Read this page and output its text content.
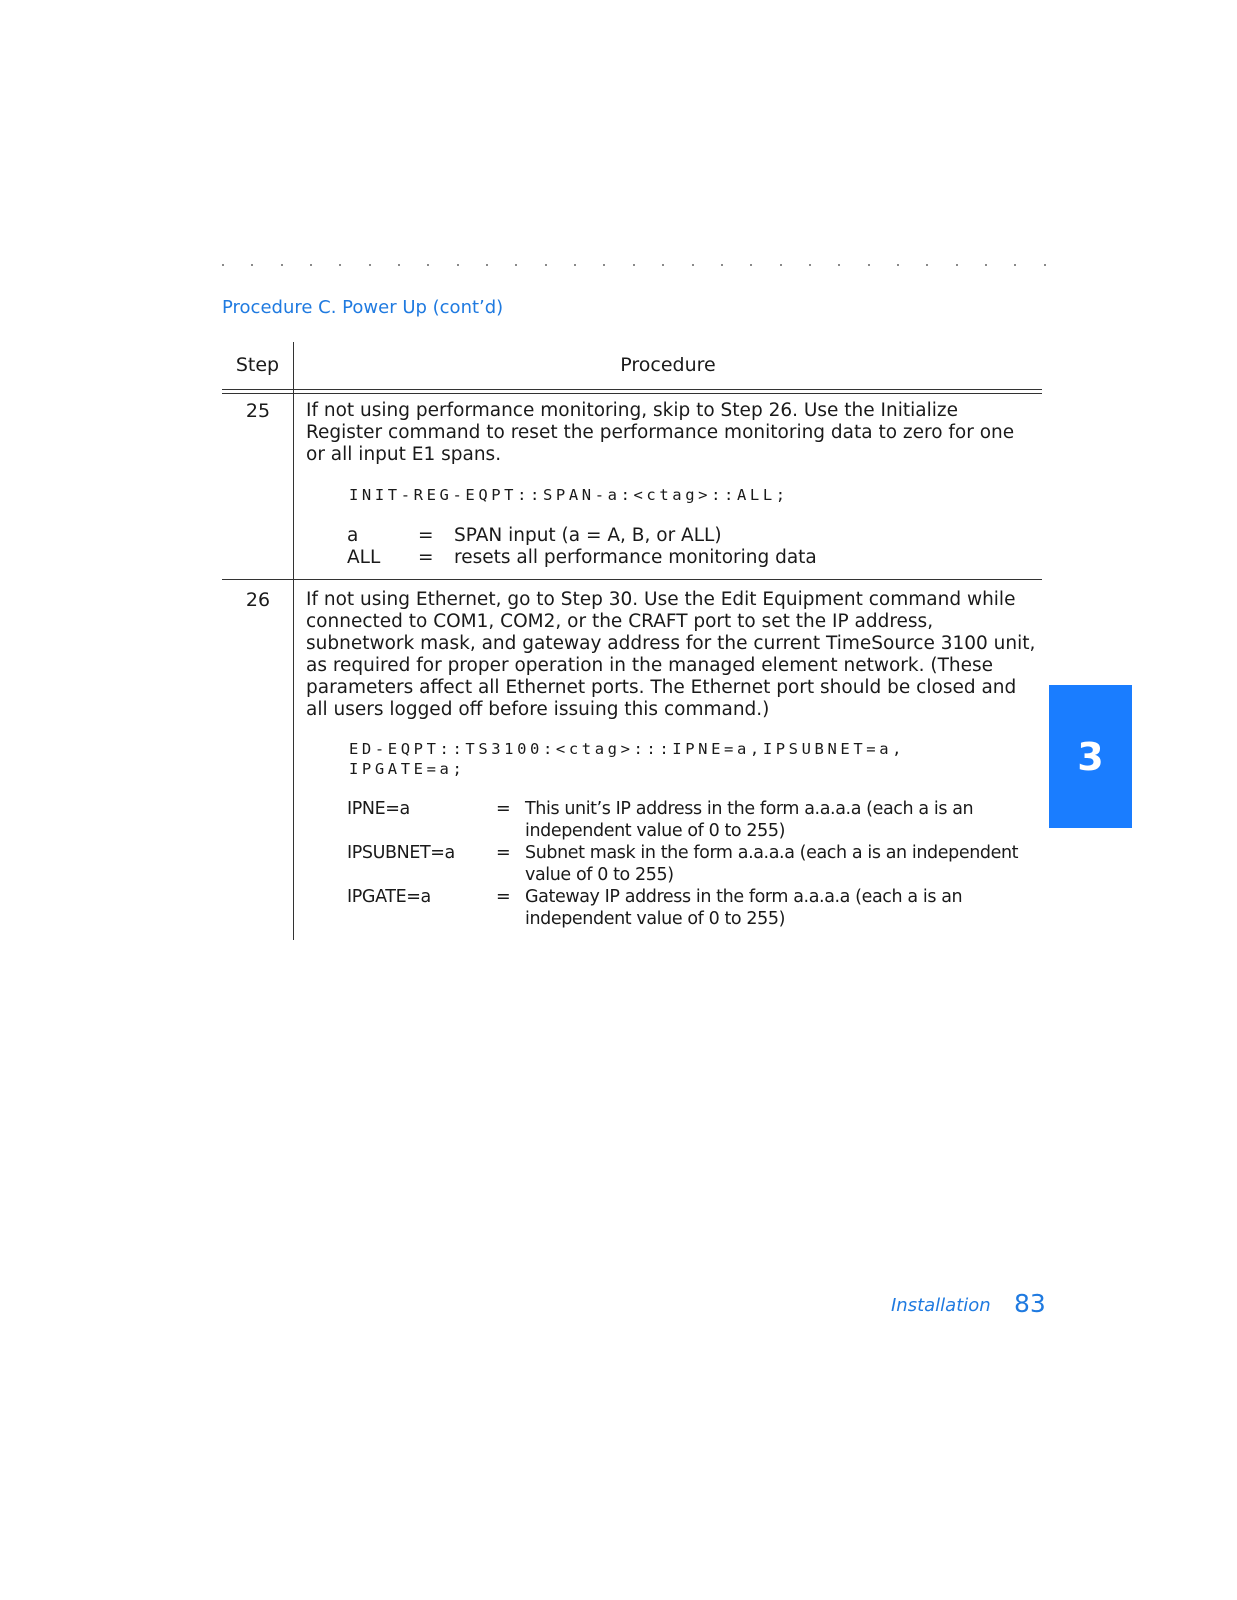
Procedure C. Power Up (cont’d)
Step	Procedure
25	If not using performance monitoring, skip to Step 26. Use the Initialize Register command to reset the performance monitoring data to zero for one or all input E1 spans.
INIT-REG-EQPT::SPAN-a:<ctag>::ALL;
a	= SPAN input (a = A, B, or ALL)
ALL = resets all performance monitoring data
26	If not using Ethernet, go to Step 30. Use the Edit Equipment command while connected to COM1, COM2, or the CRAFT port to set the IP address, subnetwork mask, and gateway address for the current TimeSource 3100 unit, as required for proper operation in the managed element network. (These parameters affect all Ethernet ports. The Ethernet port should be closed and all users logged off before issuing this command.)
ED-EQPT::TS3100:<ctag>:::IPNE=a,IPSUBNET=a,
IPGATE=a;
IPNE=a	= This unit’s IP address in the form a.a.a.a (each a is an independent value of 0 to 255)
IPSUBNET=a = Subnet mask in the form a.a.a.a (each a is an independent value of 0 to 255)
IPGATE=a	= Gateway IP address in the form a.a.a.a (each a is an independent value of 0 to 255)
3
Installation 83
